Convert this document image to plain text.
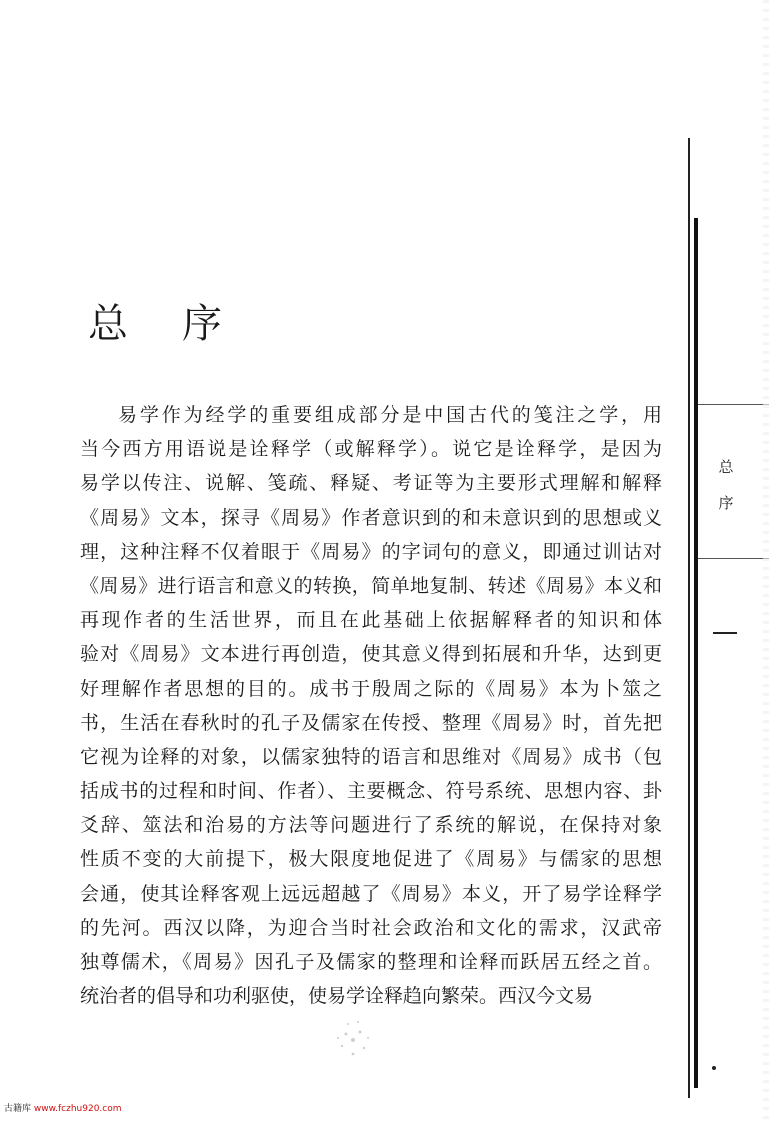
总 序
易学作为经学的重要组成部分是中国古代的笺注之学，用
当今西方用语说是诠释学（或解释学）。说它是诠释学，是因为
易学以传注、说解、笺疏、释疑、考证等为主要形式理解和解释
《周易》文本，探寻《周易》作者意识到的和未意识到的思想或义
理，这种注释不仅着眼于《周易》的字词句的意义，即通过训诂对
《周易》进行语言和意义的转换，简单地复制、转述《周易》本义和
再现作者的生活世界，而且在此基础上依据解释者的知识和体
验对《周易》文本进行再创造，使其意义得到拓展和升华，达到更
好理解作者思想的目的。成书于殷周之际的《周易》本为卜筮之
书，生活在春秋时的孔子及儒家在传授、整理《周易》时，首先把
它视为诠释的对象，以儒家独特的语言和思维对《周易》成书（包
括成书的过程和时间、作者）、主要概念、符号系统、思想内容、卦
爻辞、筮法和治易的方法等问题进行了系统的解说，在保持对象
性质不变的大前提下，极大限度地促进了《周易》与儒家的思想
会通，使其诠释客观上远远超越了《周易》本义，开了易学诠释学
的先河。西汉以降，为迎合当时社会政治和文化的需求，汉武帝
独尊儒术，《周易》因孔子及儒家的整理和诠释而跃居五经之首。
统治者的倡导和功利驱使，使易学诠释趋向繁荣。西汉今文易
总
序
古籍库 www.fczhu920.com
